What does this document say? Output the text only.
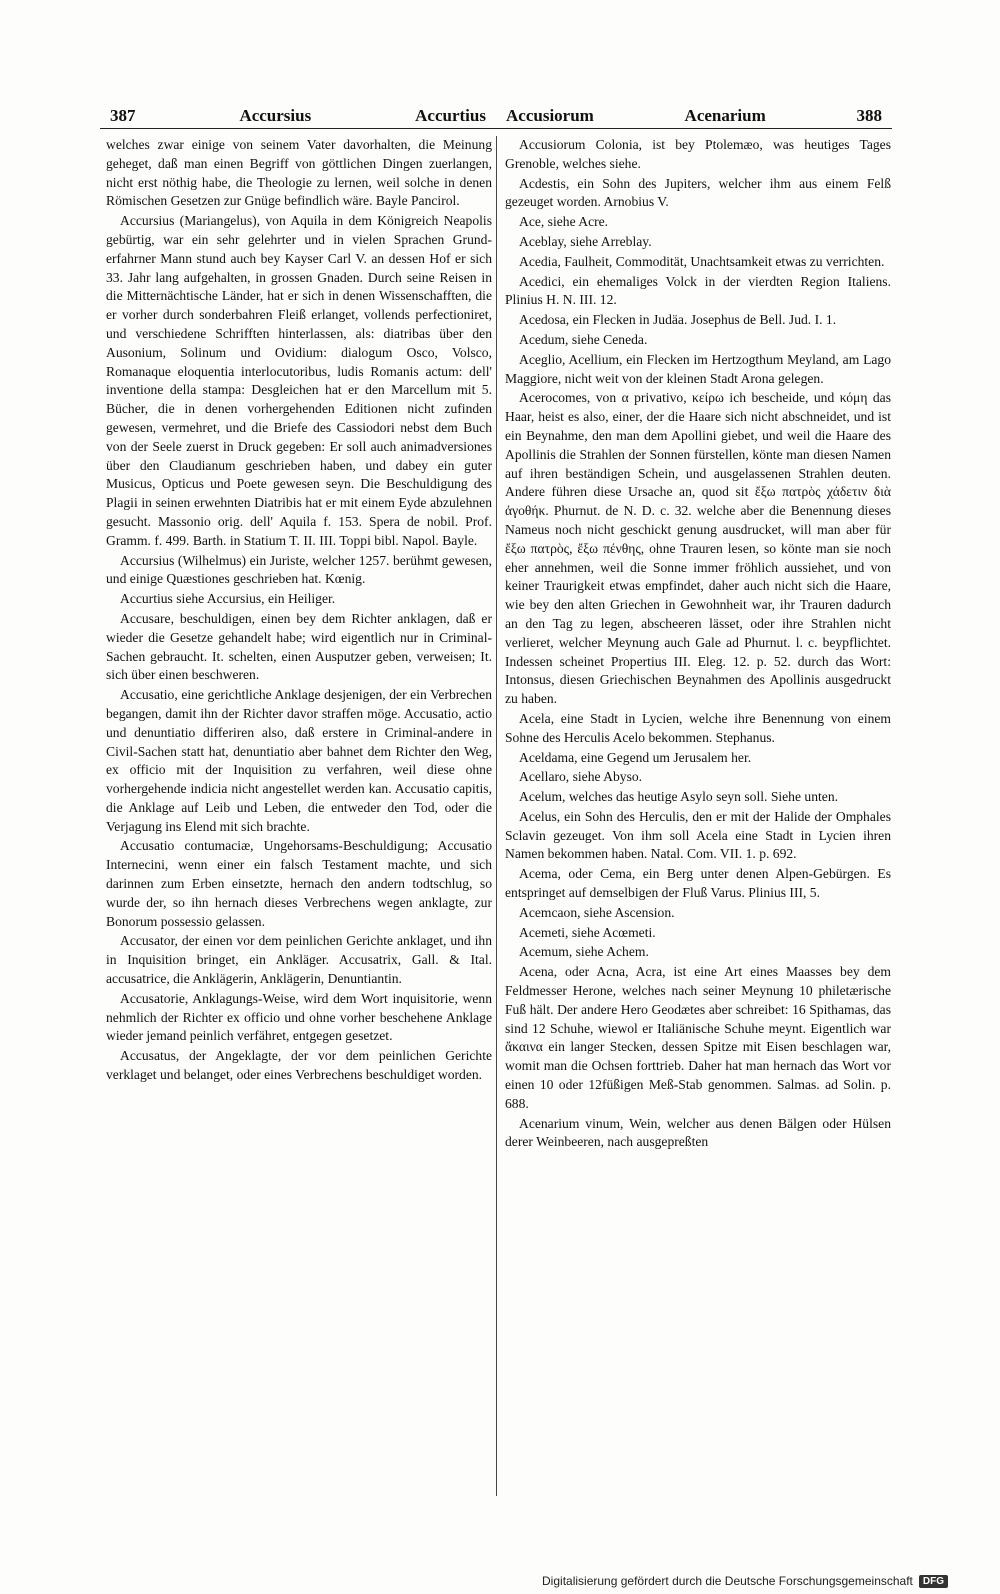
387	Accursius	Accurtius Accusiorum	Acenarium	388

welches zwar einige von seinem Vater davorhalten, die Meinung geheget, daß man einen Begriff von göttlichen Dingen zuerlangen, nicht erst nöthig habe, die Theologie zu lernen, weil solche in denen Römischen Gesetzen zur Gnüge befindlich wäre. Bayle Pancirol.

Accursius (Mariangelus), von Aquila in dem Königreich Neapolis gebürtig, war ein sehr gelehrter und in vielen Sprachen Grund-erfahrner Mann stund auch bey Kayser Carl V. an dessen Hof er sich 33. Jahr lang aufgehalten, in grossen Gnaden. Durch seine Reisen in die Mitternächtische Länder, hat er sich in denen Wissenschafften, die er vorher durch sonderbahren Fleiß erlanget, vollends perfectioniret, und verschiedene Schrifften hinterlassen, als: diatribas über den Ausonium, Solinum und Ovidium: dialogum Osco, Volsco, Romanaque eloquentia interlocutoribus, ludis Romanis actum: dell' inventione della stampa: Desgleichen hat er den Marcellum mit 5. Bücher, die in denen vorhergehenden Editionen nicht zufinden gewesen, vermehret, und die Briefe des Cassiodori nebst dem Buch von der Seele zuerst in Druck gegeben: Er soll auch animadversiones über den Claudianum geschrieben haben, und dabey ein guter Musicus, Opticus und Poete gewesen seyn. Die Beschuldigung des Plagii in seinen erwehnten Diatribis hat er mit einem Eyde abzulehnen gesucht. Massonio orig. dell' Aquila f. 153. Spera de nobil. Prof. Gramm. f. 499. Barth. in Statium T. II. III. Toppi bibl. Napol. Bayle.

Accursius (Wilhelmus) ein Juriste, welcher 1257. berühmt gewesen, und einige Quæstiones geschrieben hat. Kœnig.

Accurtius siehe Accursius, ein Heiliger.

Accusare, beschuldigen, einen bey dem Richter anklagen, daß er wieder die Gesetze gehandelt habe; wird eigentlich nur in Criminal-Sachen gebraucht. It. schelten, einen Ausputzer geben, verweisen; It. sich über einen beschweren.

Accusatio, eine gerichtliche Anklage desjenigen, der ein Verbrechen begangen, damit ihn der Richter davor straffen möge. Accusatio, actio und denuntiatio differiren also, daß erstere in Criminal-andere in Civil-Sachen statt hat, denuntiatio aber bahnet dem Richter den Weg, ex officio mit der Inquisition zu verfahren, weil diese ohne vorhergehende indicia nicht angestellet werden kan. Accusatio capitis, die Anklage auf Leib und Leben, die entweder den Tod, oder die Verjagung ins Elend mit sich brachte.

Accusatio contumaciæ, Ungehorsams-Beschuldigung; Accusatio Internecini, wenn einer ein falsch Testament machte, und sich darinnen zum Erben einsetzte, hernach den andern todtschlug, so wurde der, so ihn hernach dieses Verbrechens wegen anklagte, zur Bonorum possessio gelassen.

Accusator, der einen vor dem peinlichen Gerichte anklaget, und ihn in Inquisition bringet, ein Ankläger. Accusatrix, Gall. & Ital. accusatrice, die Anklägerin, Anklägerin, Denuntiantin.

Accusatorie, Anklagungs-Weise, wird dem Wort inquisitorie, wenn nehmlich der Richter ex officio und ohne vorher beschehene Anklage wieder jemand peinlich verfähret, entgegen gesetzet.

Accusatus, der Angeklagte, der vor dem peinlichen Gerichte verklaget und belanget, oder eines Verbrechens beschuldiget worden.

Accusiorum Colonia, ist bey Ptolemæo, was heutiges Tages Grenoble, welches siehe.

Acdestis, ein Sohn des Jupiters, welcher ihm aus einem Felß gezeuget worden. Arnobius V.

Ace, siehe Acre.

Aceblay, siehe Arreblay.

Acedia, Faulheit, Commodität, Unachtsamkeit etwas zu verrichten.

Acedici, ein ehemaliges Volck in der vierdten Region Italiens. Plinius H. N. III. 12.

Acedosa, ein Flecken in Judäa. Josephus de Bell. Jud. I. 1.

Acedum, siehe Ceneda.

Aceglio, Acellium, ein Flecken im Hertzogthum Meyland, am Lago Maggiore, nicht weit von der kleinen Stadt Arona gelegen.

Acerocomes, von α privativo, κείρω ich bescheide, und κόμη das Haar, heist es also, einer, der die Haare sich nicht abschneidet, und ist ein Beynahme, den man dem Apollini giebet, und weil die Haare des Apollinis die Strahlen der Sonnen fürstellen, könte man diesen Namen auf ihren beständigen Schein, und ausgelassenen Strahlen deuten. Andere führen diese Ursache an, quod sit ἔξω πατρὸς χάδετιν διὰ ἀγοθήκ. Phurnut. de N. D. c. 32. welche aber die Benennung dieses Nameus noch nicht geschickt genung ausdrucket, will man aber für ἔξω πατρὸς, ἔξω πένθης, ohne Trauren lesen, so könte man sie noch eher annehmen, weil die Sonne immer fröhlich aussiehet, und von keiner Traurigkeit etwas empfindet, daher auch nicht sich die Haare, wie bey den alten Griechen in Gewohnheit war, ihr Trauren dadurch an den Tag zu legen, abscheeren lässet, oder ihre Strahlen nicht verlieret, welcher Meynung auch Gale ad Phurnut. l. c. beypflichtet. Indessen scheinet Propertius III. Eleg. 12. p. 52. durch das Wort: Intonsus, diesen Griechischen Beynahmen des Apollinis ausgedruckt zu haben.

Acela, eine Stadt in Lycien, welche ihre Benennung von einem Sohne des Herculis Acelo bekommen. Stephanus.

Aceldama, eine Gegend um Jerusalem her.

Acellaro, siehe Abyso.

Acelum, welches das heutige Asylo seyn soll. Siehe unten.

Acelus, ein Sohn des Herculis, den er mit der Halide der Omphales Sclavin gezeuget. Von ihm soll Acela eine Stadt in Lycien ihren Namen bekommen haben. Natal. Com. VII. 1. p. 692.

Acema, oder Cema, ein Berg unter denen Alpen-Gebürgen. Es entspringet auf demselbigen der Fluß Varus. Plinius III, 5.

Acemcaon, siehe Ascension.

Acemeti, siehe Acœmeti.

Acemum, siehe Achem.

Acena, oder Acna, Acra, ist eine Art eines Maasses bey dem Feldmesser Herone, welches nach seiner Meynung 10 philetærische Fuß hält. Der andere Hero Geodætes aber schreibet: 16 Spithamas, das sind 12 Schuhe, wiewol er Italiänische Schuhe meynt. Eigentlich war ἄκαινα ein langer Stecken, dessen Spitze mit Eisen beschlagen war, womit man die Ochsen forttrieb. Daher hat man hernach das Wort vor einen 10 oder 12füßigen Meß-Stab genommen. Salmas. ad Solin. p. 688.

Acenarium vinum, Wein, welcher aus denen Bälgen oder Hülsen derer Weinbeeren, nach ausgepreßten

Digitalisierung gefördert durch die Deutsche Forschungsgemeinschaft	DFG
